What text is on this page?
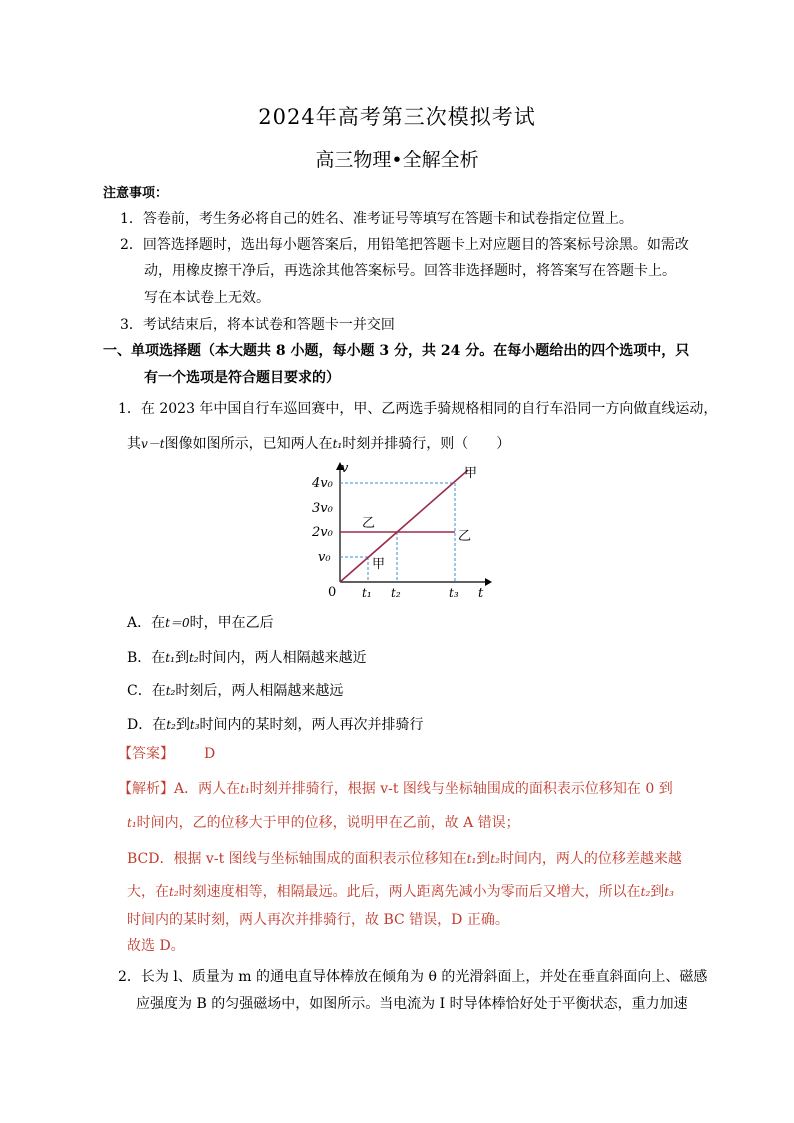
2024年高考第三次模拟考试
高三物理•全解全析
注意事项：
1．答卷前，考生务必将自己的姓名、准考证号等填写在答题卡和试卷指定位置上。
2．回答选择题时，选出每小题答案后，用铅笔把答题卡上对应题目的答案标号涂黑。如需改
动，用橡皮擦干净后，再选涂其他答案标号。回答非选择题时，将答案写在答题卡上。
写在本试卷上无效。
3．考试结束后，将本试卷和答题卡一并交回
一、单项选择题（本大题共 8 小题，每小题 3 分，共 24 分。在每小题给出的四个选项中，只
有一个选项是符合题目要求的）
1．在 2023 年中国自行车巡回赛中，甲、乙两选手骑规格相同的自行车沿同一方向做直线运动，
其v－t图像如图所示，已知两人在t₁时刻并排骑行，则（　　）
v
t
0
v₀
2v₀
3v₀
4v₀
t₁ t₂	t₃
甲
甲
乙
乙
A．在t＝0时，甲在乙后
B．在t₁到t₂时间内，两人相隔越来越近
C．在t₂时刻后，两人相隔越来越远
D．在t₂到t₃时间内的某时刻，两人再次并排骑行
【答案】 D
【解析】A．两人在t₁时刻并排骑行，根据 v-t 图线与坐标轴围成的面积表示位移知在 0 到
t₁时间内，乙的位移大于甲的位移，说明甲在乙前，故 A 错误；
BCD．根据 v-t 图线与坐标轴围成的面积表示位移知在t₁到t₂时间内，两人的位移差越来越
大，在t₂时刻速度相等，相隔最远。此后，两人距离先减小为零而后又增大，所以在t₂到t₃
时间内的某时刻，两人再次并排骑行，故 BC 错误，D 正确。
故选 D。
2．长为 l、质量为 m 的通电直导体棒放在倾角为 θ 的光滑斜面上，并处在垂直斜面向上、磁感
应强度为 B 的匀强磁场中，如图所示。当电流为 I 时导体棒恰好处于平衡状态，重力加速
